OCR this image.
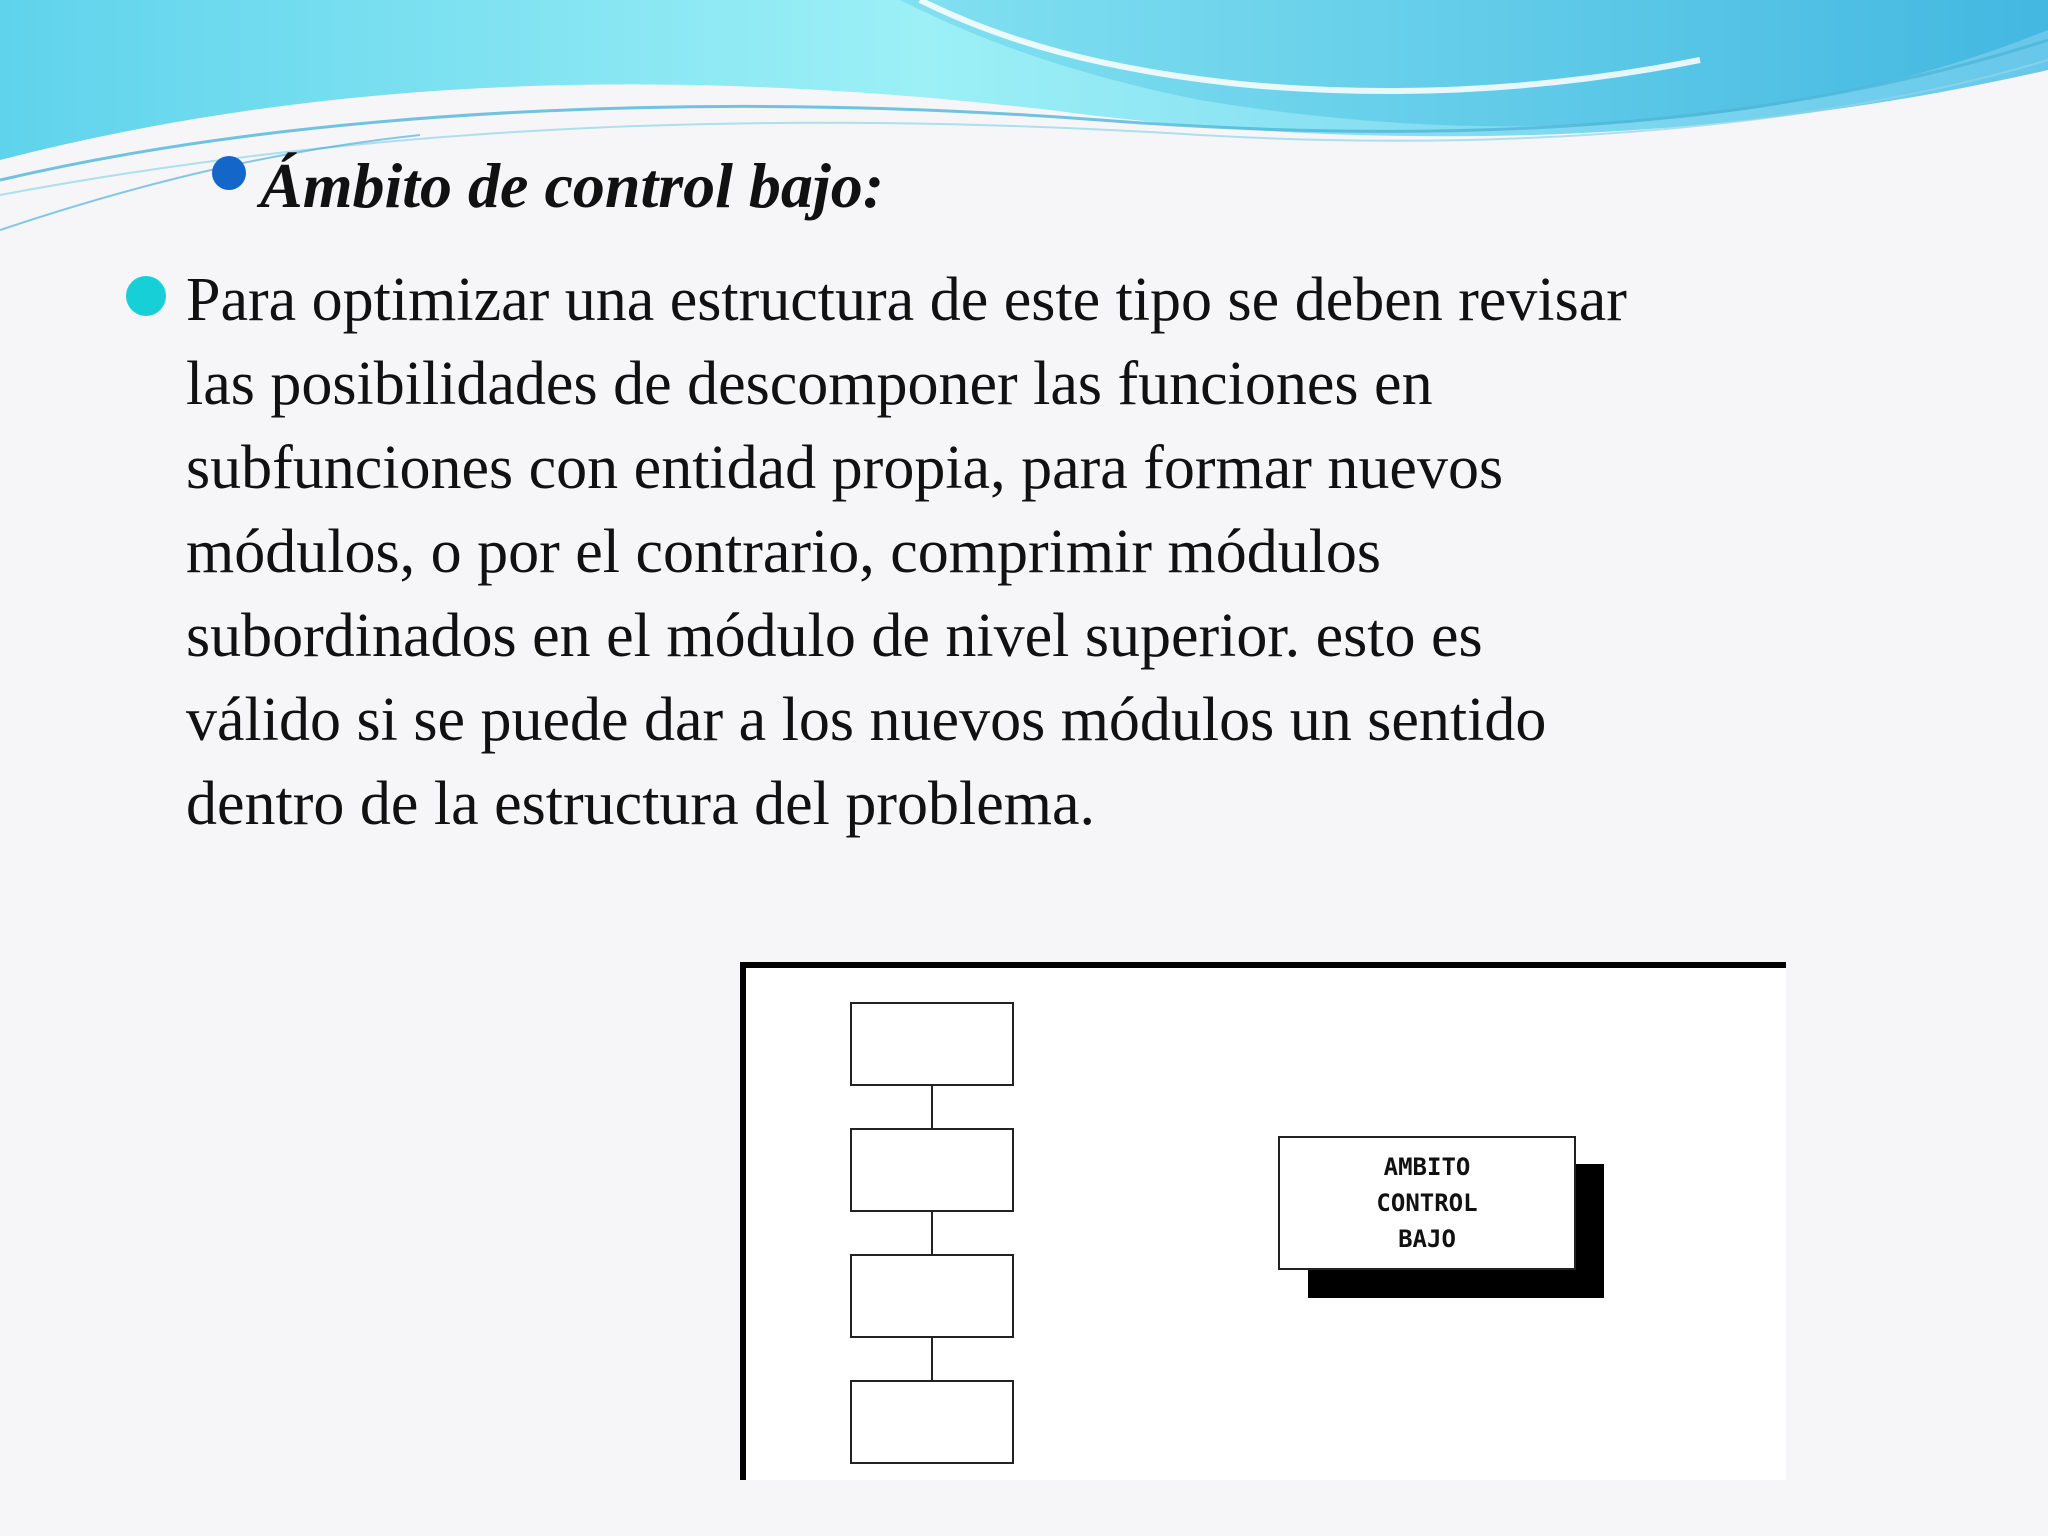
Ámbito de control bajo:
Para optimizar una estructura de este tipo se deben revisar
las posibilidades de descomponer las funciones en
subfunciones con entidad propia, para formar nuevos
módulos, o por el contrario, comprimir módulos
subordinados en el módulo de nivel superior. esto es
válido si se puede dar a los nuevos módulos un sentido
dentro de la estructura del problema.
AMBITO
CONTROL
BAJO
